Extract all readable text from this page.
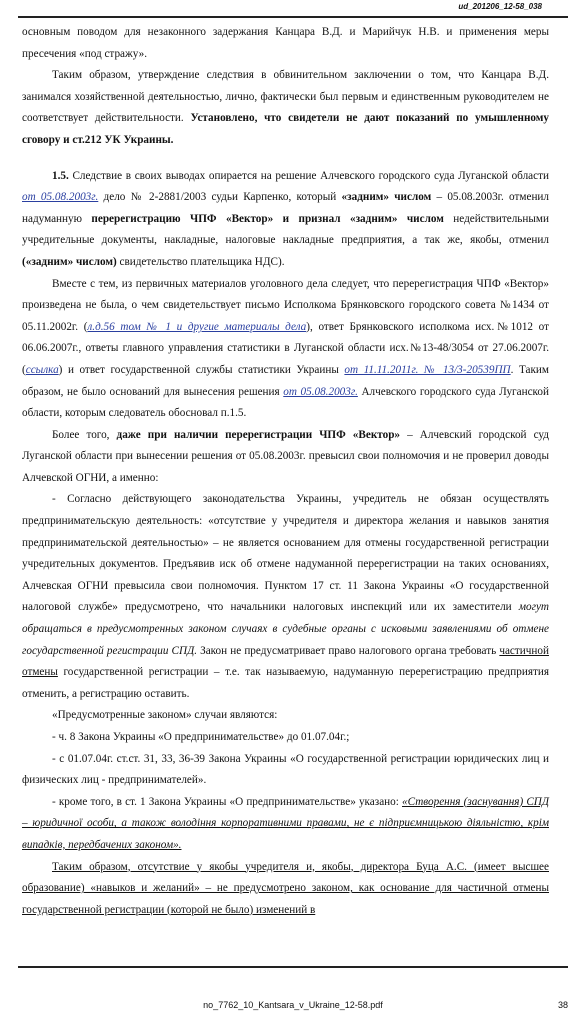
ud_201206_12-58_038

основным поводом для незаконного задержания Канцара В.Д. и Марийчук Н.В. и применения меры пресечения «под стражу».

Таким образом, утверждение следствия в обвинительном заключении о том, что Канцара В.Д. занимался хозяйственной деятельностью, лично, фактически был первым и единственным руководителем не соответствует действительности. Установлено, что свидетели не дают показаний по умышленному сговору и ст.212 УК Украины.

1.5. Следствие в своих выводах опирается на решение Алчевского городского суда Луганской области от 05.08.2003г. дело № 2-2881/2003 судьи Карпенко, который «задним» числом – 05.08.2003г. отменил надуманную перерегистрацию ЧПФ «Вектор» и признал «задним» числом недействительными учредительные документы, накладные, налоговые накладные предприятия, а так же, якобы, отменил («задним» числом) свидетельство плательщика НДС).

Вместе с тем, из первичных материалов уголовного дела следует, что перерегистрация ЧПФ «Вектор» произведена не была, о чем свидетельствует письмо Исполкома Брянковского городского совета №1434 от 05.11.2002г. (л.д.56 том № 1 и другие материалы дела), ответ Брянковского исполкома исх.№1012 от 06.06.2007г., ответы главного управления статистики в Луганской области исх.№13-48/3054 от 27.06.2007г. (ссылка) и ответ государственной службы статистики Украины от 11.11.2011г. № 13/3-20539ПП. Таким образом, не было оснований для вынесения решения от 05.08.2003г. Алчевского городского суда Луганской области, которым следователь обосновал п.1.5.

Более того, даже при наличии перерегистрации ЧПФ «Вектор» – Алчевский городской суд Луганской области при вынесении решения от 05.08.2003г. превысил свои полномочия и не проверил доводы Алчевской ОГНИ, а именно:

- Согласно действующего законодательства Украины, учредитель не обязан осуществлять предпринимательскую деятельность: «отсутствие у учредителя и директора желания и навыков занятия предпринимательской деятельностью» – не является основанием для отмены государственной регистрации учредительных документов. Предъявив иск об отмене надуманной перерегистрации на таких основаниях, Алчевская ОГНИ превысила свои полномочия. Пунктом 17 ст. 11 Закона Украины «О государственной налоговой службе» предусмотрено, что начальники налоговых инспекций или их заместители могут обращаться в предусмотренных законом случаях в судебные органы с исковыми заявлениями об отмене государственной регистрации СПД. Закон не предусматривает право налогового органа требовать частичной отмены государственной регистрации – т.е. так называемую, надуманную перерегистрацию предприятия отменить, а регистрацию оставить.

«Предусмотренные законом» случаи являются:

- ч. 8 Закона Украины «О предпринимательстве» до 01.07.04г.;

- с 01.07.04г. ст.ст. 31, 33, 36-39 Закона Украины «О государственной регистрации юридических лиц и физических лиц - предпринимателей».

- кроме того, в ст. 1 Закона Украины «О предпринимательстве» указано: «Створення (заснування) СПД – юридичної особи, а також володіння корпоративними правами, не є підприємницькою діяльністю, крім випадків, передбачених законом».

Таким образом, отсутствие у якобы учредителя и, якобы, директора Буца А.С. (имеет высшее образование) «навыков и желаний» – не предусмотрено законом, как основание для частичной отмены государственной регистрации (которой не было) изменений в

no_7762_10_Kantsara_v_Ukraine_12-58.pdf	38
